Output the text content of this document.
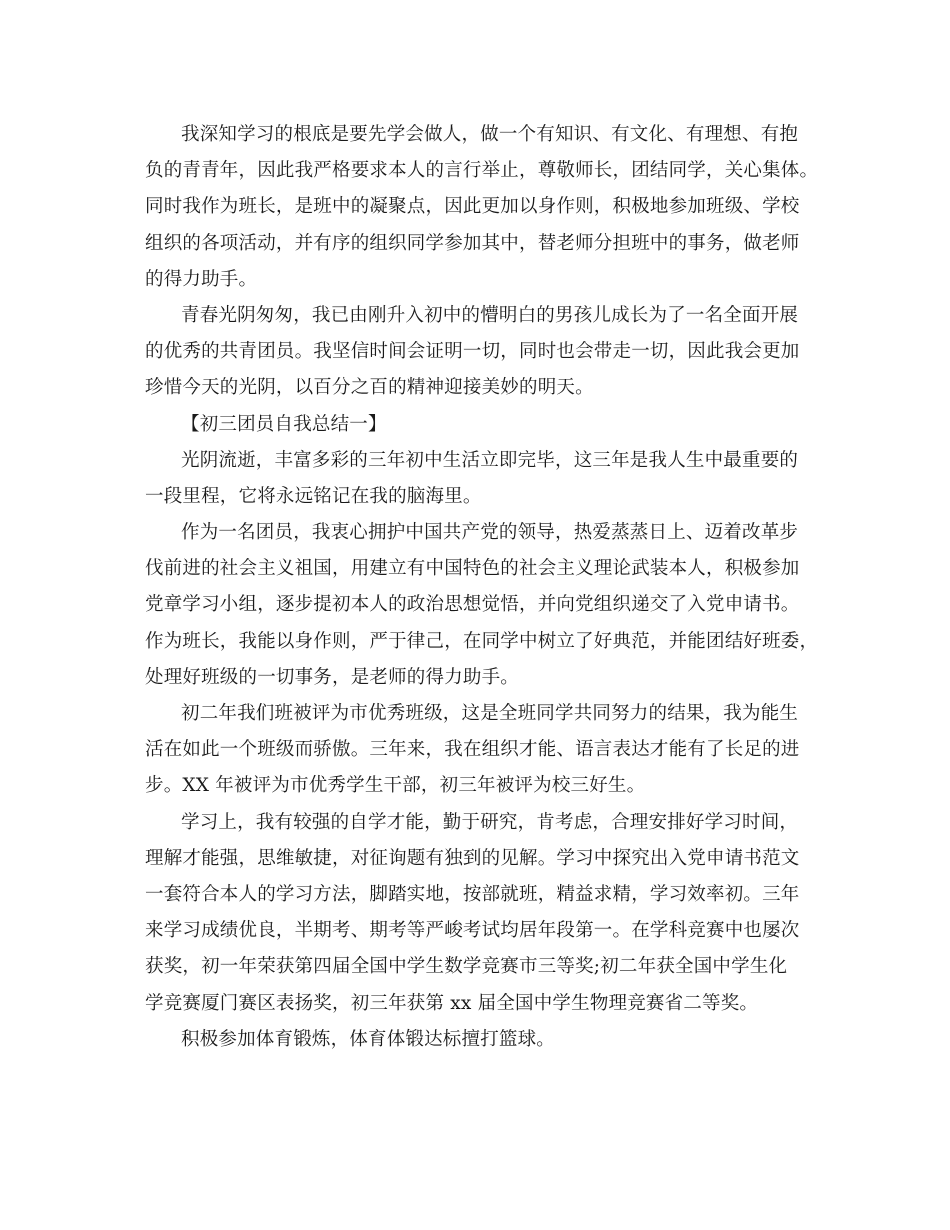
我深知学习的根底是要先学会做人，做一个有知识、有文化、有理想、有抱
负的青青年，因此我严格要求本人的言行举止，尊敬师长，团结同学，关心集体。
同时我作为班长，是班中的凝聚点，因此更加以身作则，积极地参加班级、学校
组织的各项活动，并有序的组织同学参加其中，替老师分担班中的事务，做老师
的得力助手。
青春光阴匆匆，我已由刚升入初中的懵明白的男孩儿成长为了一名全面开展
的优秀的共青团员。我坚信时间会证明一切，同时也会带走一切，因此我会更加
珍惜今天的光阴，以百分之百的精神迎接美妙的明天。
【初三团员自我总结一】
光阴流逝，丰富多彩的三年初中生活立即完毕，这三年是我人生中最重要的
一段里程，它将永远铭记在我的脑海里。
作为一名团员，我衷心拥护中国共产党的领导，热爱蒸蒸日上、迈着改革步
伐前进的社会主义祖国，用建立有中国特色的社会主义理论武装本人，积极参加
党章学习小组，逐步提初本人的政治思想觉悟，并向党组织递交了入党申请书。
作为班长，我能以身作则，严于律己，在同学中树立了好典范，并能团结好班委，
处理好班级的一切事务，是老师的得力助手。
初二年我们班被评为市优秀班级，这是全班同学共同努力的结果，我为能生
活在如此一个班级而骄傲。三年来，我在组织才能、语言表达才能有了长足的进
步。XX 年被评为市优秀学生干部，初三年被评为校三好生。
学习上，我有较强的自学才能，勤于研究，肯考虑，合理安排好学习时间，
理解才能强，思维敏捷，对征询题有独到的见解。学习中探究出入党申请书范文
一套符合本人的学习方法，脚踏实地，按部就班，精益求精，学习效率初。三年
来学习成绩优良，半期考、期考等严峻考试均居年段第一。在学科竞赛中也屡次
获奖，初一年荣获第四届全国中学生数学竞赛市三等奖;初二年获全国中学生化
学竞赛厦门赛区表扬奖，初三年获第 xx 届全国中学生物理竞赛省二等奖。
积极参加体育锻炼，体育体锻达标擅打篮球。
